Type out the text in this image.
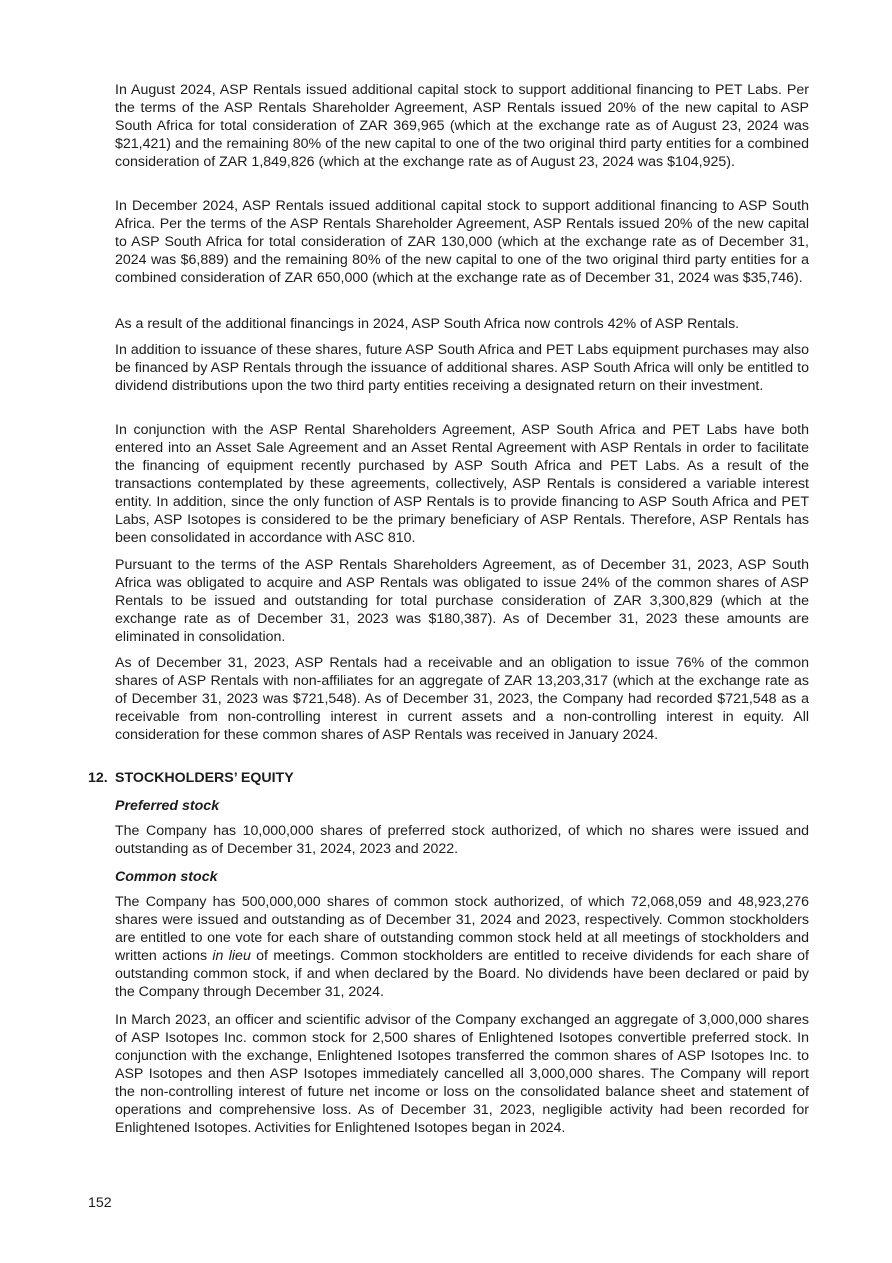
In August 2024, ASP Rentals issued additional capital stock to support additional financing to PET Labs. Per the terms of the ASP Rentals Shareholder Agreement, ASP Rentals issued 20% of the new capital to ASP South Africa for total consideration of ZAR 369,965 (which at the exchange rate as of August 23, 2024 was $21,421) and the remaining 80% of the new capital to one of the two original third party entities for a combined consideration of ZAR 1,849,826 (which at the exchange rate as of August 23, 2024 was $104,925).

In December 2024, ASP Rentals issued additional capital stock to support additional financing to ASP South Africa. Per the terms of the ASP Rentals Shareholder Agreement, ASP Rentals issued 20% of the new capital to ASP South Africa for total consideration of ZAR 130,000 (which at the exchange rate as of December 31, 2024 was $6,889) and the remaining 80% of the new capital to one of the two original third party entities for a combined consideration of ZAR 650,000 (which at the exchange rate as of December 31, 2024 was $35,746).

As a result of the additional financings in 2024, ASP South Africa now controls 42% of ASP Rentals.

In addition to issuance of these shares, future ASP South Africa and PET Labs equipment purchases may also be financed by ASP Rentals through the issuance of additional shares. ASP South Africa will only be entitled to dividend distributions upon the two third party entities receiving a designated return on their investment.

In conjunction with the ASP Rental Shareholders Agreement, ASP South Africa and PET Labs have both entered into an Asset Sale Agreement and an Asset Rental Agreement with ASP Rentals in order to facilitate the financing of equipment recently purchased by ASP South Africa and PET Labs. As a result of the transactions contemplated by these agreements, collectively, ASP Rentals is considered a variable interest entity. In addition, since the only function of ASP Rentals is to provide financing to ASP South Africa and PET Labs, ASP Isotopes is considered to be the primary beneficiary of ASP Rentals. Therefore, ASP Rentals has been consolidated in accordance with ASC 810.

Pursuant to the terms of the ASP Rentals Shareholders Agreement, as of December 31, 2023, ASP South Africa was obligated to acquire and ASP Rentals was obligated to issue 24% of the common shares of ASP Rentals to be issued and outstanding for total purchase consideration of ZAR 3,300,829 (which at the exchange rate as of December 31, 2023 was $180,387). As of December 31, 2023 these amounts are eliminated in consolidation.

As of December 31, 2023, ASP Rentals had a receivable and an obligation to issue 76% of the common shares of ASP Rentals with non-affiliates for an aggregate of ZAR 13,203,317 (which at the exchange rate as of December 31, 2023 was $721,548). As of December 31, 2023, the Company had recorded $721,548 as a receivable from non-controlling interest in current assets and a non-controlling interest in equity. All consideration for these common shares of ASP Rentals was received in January 2024.

12. STOCKHOLDERS’ EQUITY

Preferred stock

The Company has 10,000,000 shares of preferred stock authorized, of which no shares were issued and outstanding as of December 31, 2024, 2023 and 2022.

Common stock

The Company has 500,000,000 shares of common stock authorized, of which 72,068,059 and 48,923,276 shares were issued and outstanding as of December 31, 2024 and 2023, respectively. Common stockholders are entitled to one vote for each share of outstanding common stock held at all meetings of stockholders and written actions in lieu of meetings. Common stockholders are entitled to receive dividends for each share of outstanding common stock, if and when declared by the Board. No dividends have been declared or paid by the Company through December 31, 2024.

In March 2023, an officer and scientific advisor of the Company exchanged an aggregate of 3,000,000 shares of ASP Isotopes Inc. common stock for 2,500 shares of Enlightened Isotopes convertible preferred stock. In conjunction with the exchange, Enlightened Isotopes transferred the common shares of ASP Isotopes Inc. to ASP Isotopes and then ASP Isotopes immediately cancelled all 3,000,000 shares. The Company will report the non-controlling interest of future net income or loss on the consolidated balance sheet and statement of operations and comprehensive loss. As of December 31, 2023, negligible activity had been recorded for Enlightened Isotopes. Activities for Enlightened Isotopes began in 2024.

152
